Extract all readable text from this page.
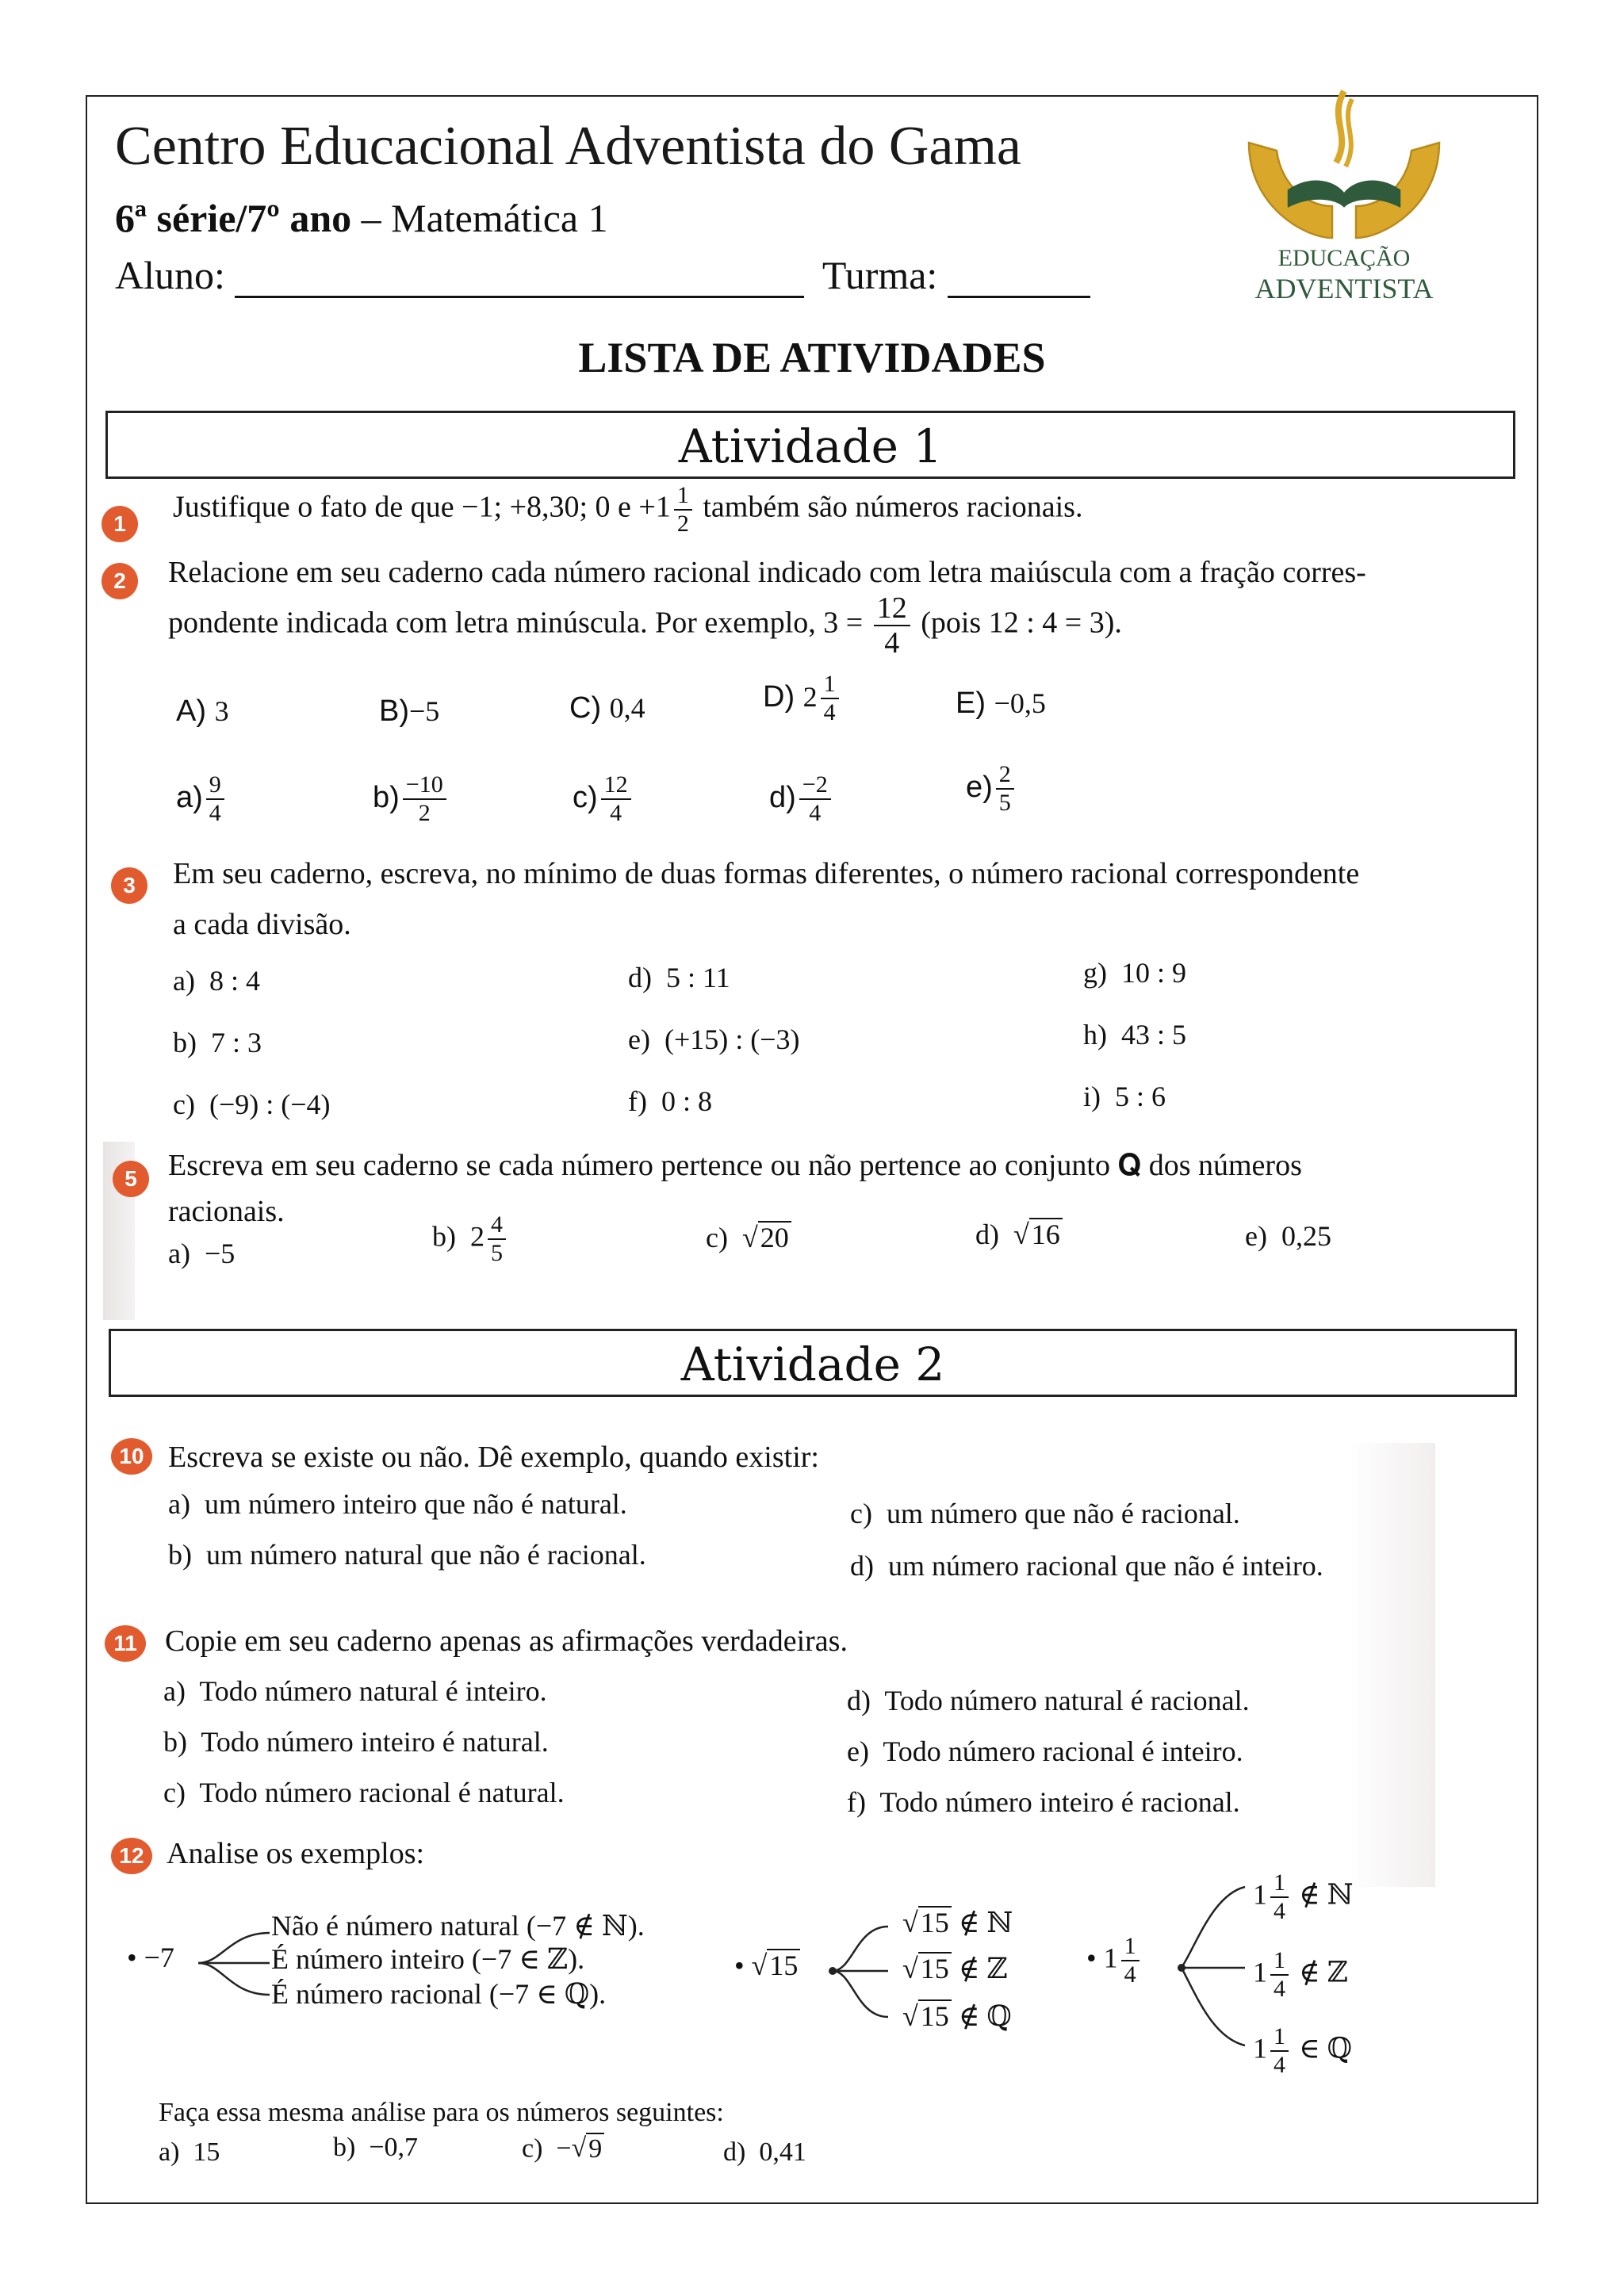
Centro Educacional Adventista do Gama
6ª série/7º ano – Matemática 1
Aluno:	Turma:	EDUCAÇÃO
ADVENTISTA
LISTA DE ATIVIDADES
Atividade 1
1	Justifique o fato de que −1; +8,30; 0 $e +1 \frac{1}{2}$ também são números racionais.
2	Relacione em seu caderno cada número racional indicado com letra maiúscula com a fração corres-
pondente indicada com letra minúscula. Por exemplo, $3 = \frac{12}{4}$ (pois 12 : 4 = 3).
A) 3	B)−5	C) 0,4	D) $2 \frac{1}{4}$	E) −0,5
$a) \frac{9}{4}$	$b) \frac{-10}{2}$	$c) \frac{12}{4}$	$d) \frac{-2}{4}$	$e) \frac{2}{5}$
3	Em seu caderno, escreva, no mínimo de duas formas diferentes, o número racional correspondente
a cada divisão.
a) 8 : 4
b) 7 : 3
c) (−9) : (−4)
d) 5 : 11
e) (+15) : (−3)
f) 0 : 8
g) 10 : 9
h) 43 : 5
i) 5 : 6
5	Escreva em seu caderno se cada número pertence ou não pertence ao conjunto 𝐐 dos números
racionais.
a) −5
b) $2 \frac{4}{5}$	c) √ 20	d) √ 16	e) 0,25
Atividade 2
10 Escreva se existe ou não. Dê exemplo, quando existir:
a) um número inteiro que não é natural.
b) um número natural que não é racional.
c) um número que não é racional.
d) um número racional que não é inteiro.
11 Copie em seu caderno apenas as afirmações verdadeiras.
a) Todo número natural é inteiro.
b) Todo número inteiro é natural.
c) Todo número racional é natural.
d) Todo número natural é racional.
e) Todo número racional é inteiro.
f) Todo número inteiro é racional.
12 Analise os exemplos:
• −7
Não é número natural (−7 ∉ ℕ).
É número inteiro (−7 ∈ ℤ).
É número racional (−7 ∈ ℚ).
• √ 15
√ 15 ∉ ℕ
√ 15 ∉ ℤ
√ 15 ∉ ℚ
• $1 \frac{1}{4}$
$1 \frac{1}{4}$ ∉ ℕ
$1 \frac{1}{4}$ ∉ ℤ
$1 \frac{1}{4}$ ∈ ℚ
Faça essa mesma análise para os números seguintes:
a) 15	b) −0,7	c) − √ 9	d) 0,41
